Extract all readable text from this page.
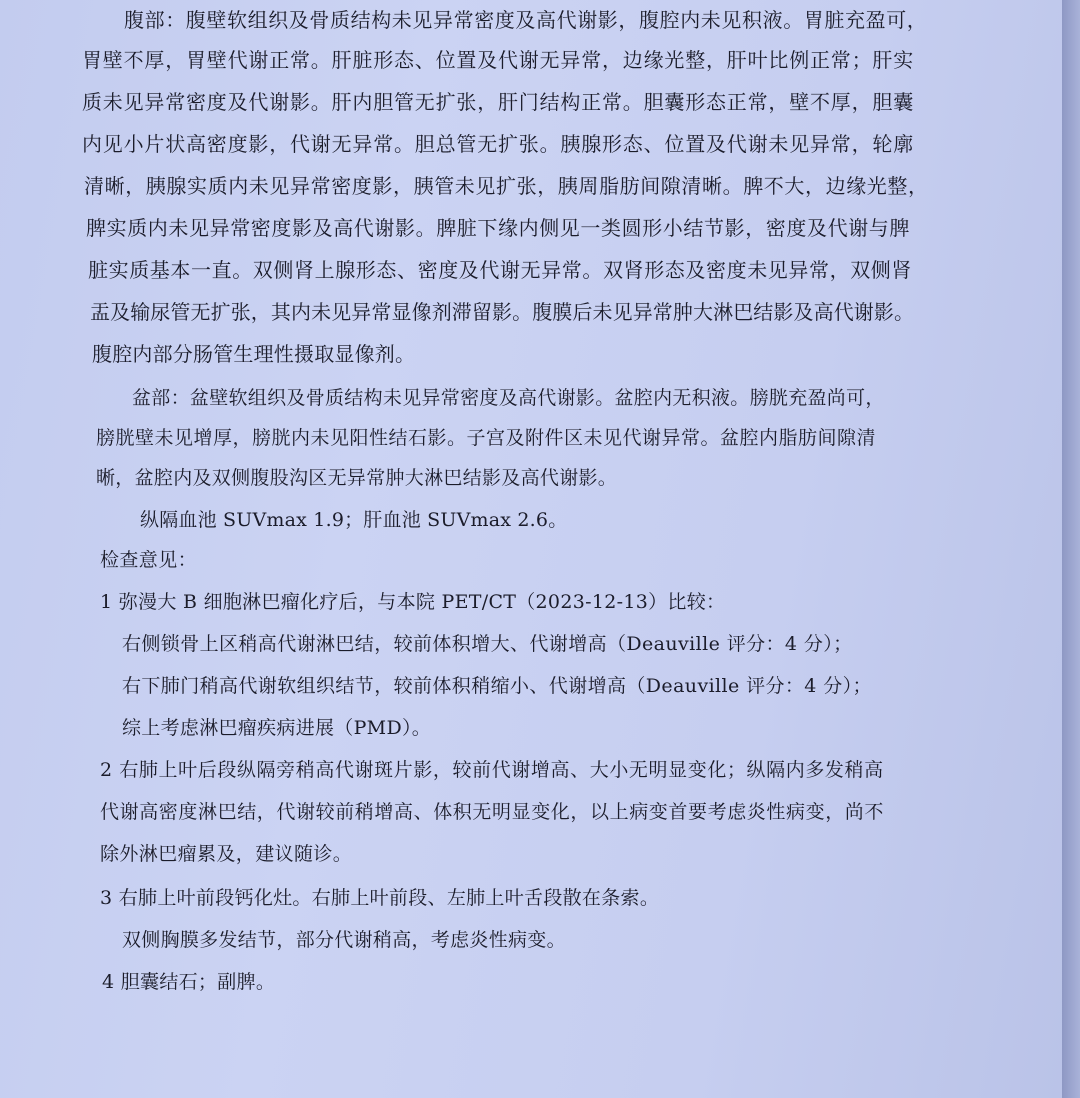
腹部：腹壁软组织及骨质结构未见异常密度及高代谢影，腹腔内未见积液。胃脏充盈可，
胃壁不厚，胃壁代谢正常。肝脏形态、位置及代谢无异常，边缘光整，肝叶比例正常；肝实
质未见异常密度及代谢影。肝内胆管无扩张，肝门结构正常。胆囊形态正常，壁不厚，胆囊
内见小片状高密度影，代谢无异常。胆总管无扩张。胰腺形态、位置及代谢未见异常，轮廓
清晰，胰腺实质内未见异常密度影，胰管未见扩张，胰周脂肪间隙清晰。脾不大，边缘光整，
脾实质内未见异常密度影及高代谢影。脾脏下缘内侧见一类圆形小结节影，密度及代谢与脾
脏实质基本一直。双侧肾上腺形态、密度及代谢无异常。双肾形态及密度未见异常，双侧肾
盂及输尿管无扩张，其内未见异常显像剂滞留影。腹膜后未见异常肿大淋巴结影及高代谢影。
腹腔内部分肠管生理性摄取显像剂。
盆部：盆壁软组织及骨质结构未见异常密度及高代谢影。盆腔内无积液。膀胱充盈尚可，
膀胱壁未见增厚，膀胱内未见阳性结石影。子宫及附件区未见代谢异常。盆腔内脂肪间隙清
晰，盆腔内及双侧腹股沟区无异常肿大淋巴结影及高代谢影。
纵隔血池 SUVmax 1.9；肝血池 SUVmax 2.6。
检查意见：
1 弥漫大 B 细胞淋巴瘤化疗后，与本院 PET/CT（2023-12-13）比较：
右侧锁骨上区稍高代谢淋巴结，较前体积增大、代谢增高（Deauville 评分：4 分）；
右下肺门稍高代谢软组织结节，较前体积稍缩小、代谢增高（Deauville 评分：4 分）；
综上考虑淋巴瘤疾病进展（PMD）。
2 右肺上叶后段纵隔旁稍高代谢斑片影，较前代谢增高、大小无明显变化；纵隔内多发稍高
代谢高密度淋巴结，代谢较前稍增高、体积无明显变化，以上病变首要考虑炎性病变，尚不
除外淋巴瘤累及，建议随诊。
3 右肺上叶前段钙化灶。右肺上叶前段、左肺上叶舌段散在条索。
双侧胸膜多发结节，部分代谢稍高，考虑炎性病变。
4 胆囊结石；副脾。
